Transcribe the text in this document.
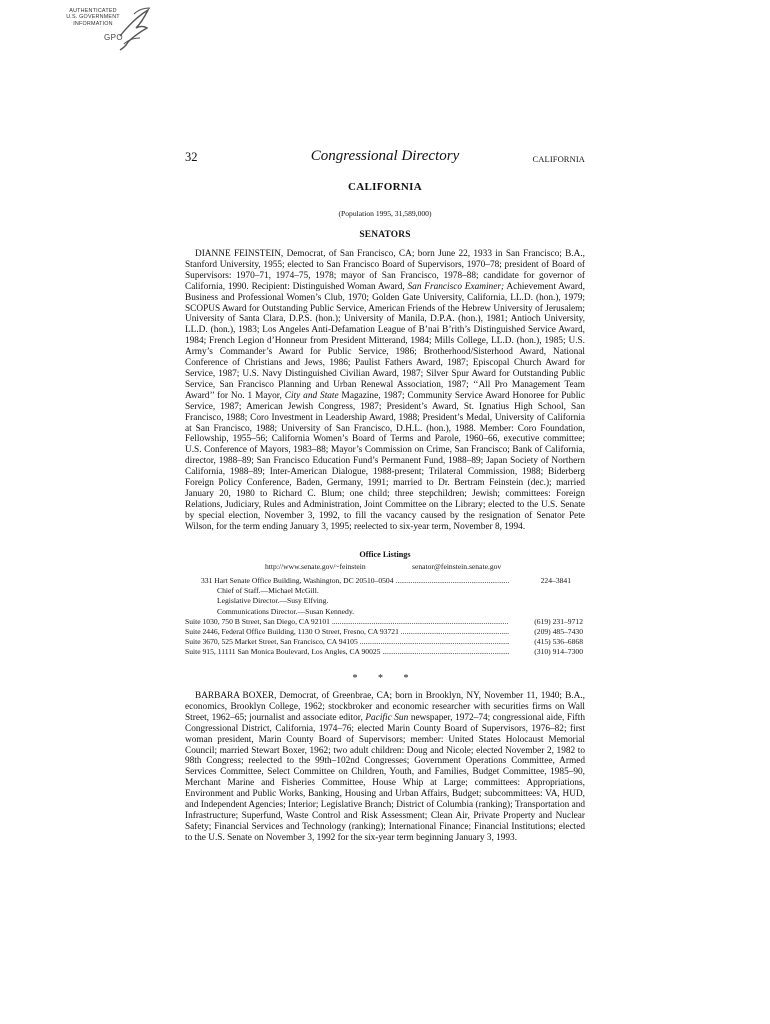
AUTHENTICATED
U.S. GOVERNMENT
INFORMATION
GPO
32	Congressional Directory	CALIFORNIA
CALIFORNIA
(Population 1995, 31,589,000)
SENATORS

DIANNE FEINSTEIN, Democrat, of San Francisco, CA; born June 22, 1933 in San Francisco; B.A., Stanford University, 1955; elected to San Francisco Board of Supervisors, 1970–78; president of Board of Supervisors: 1970–71, 1974–75, 1978; mayor of San Francisco, 1978–88; candidate for governor of California, 1990. Recipient: Distinguished Woman Award, San Francisco Examiner; Achievement Award, Business and Professional Women’s Club, 1970; Golden Gate University, California, LL.D. (hon.), 1979; SCOPUS Award for Outstanding Public Service, American Friends of the Hebrew University of Jerusalem; University of Santa Clara, D.P.S. (hon.); University of Manila, D.P.A. (hon.), 1981; Antioch University, LL.D. (hon.), 1983; Los Angeles Anti-Defamation League of B’nai B’rith’s Distinguished Service Award, 1984; French Legion d’Honneur from President Mitterand, 1984; Mills College, LL.D. (hon.), 1985; U.S. Army’s Commander’s Award for Public Service, 1986; Brotherhood/Sisterhood Award, National Conference of Christians and Jews, 1986; Paulist Fathers Award, 1987; Episcopal Church Award for Service, 1987; U.S. Navy Distinguished Civilian Award, 1987; Silver Spur Award for Outstanding Public Service, San Francisco Planning and Urban Renewal Association, 1987; ‘‘All Pro Management Team Award’’ for No. 1 Mayor, City and State Magazine, 1987; Community Service Award Honoree for Public Service, 1987; American Jewish Congress, 1987; President’s Award, St. Ignatius High School, San Francisco, 1988; Coro Investment in Leadership Award, 1988; President’s Medal, University of California at San Francisco, 1988; University of San Francisco, D.H.L. (hon.), 1988. Member: Coro Foundation, Fellowship, 1955–56; California Women’s Board of Terms and Parole, 1960–66, executive committee; U.S. Conference of Mayors, 1983–88; Mayor’s Commission on Crime, San Francisco; Bank of California, director, 1988–89; San Francisco Education Fund’s Permanent Fund, 1988–89; Japan Society of Northern California, 1988–89; Inter-American Dialogue, 1988-present; Trilateral Commission, 1988; Biderberg Foreign Policy Conference, Baden, Germany, 1991; married to Dr. Bertram Feinstein (dec.); married January 20, 1980 to Richard C. Blum; one child; three stepchildren; Jewish; committees: Foreign Relations, Judiciary, Rules and Administration, Joint Committee on the Library; elected to the U.S. Senate by special election, November 3, 1992, to fill the vacancy caused by the resignation of Senator Pete Wilson, for the term ending January 3, 1995; reelected to six-year term, November 8, 1994.

Office Listings
http://www.senate.gov/~feinstein	senator@feinstein.senate.gov
331 Hart Senate Office Building, Washington, DC 20510–0504 .....	224–3841
Chief of Staff.—Michael McGill.
Legislative Director.—Susy Elfving.
Communications Director.—Susan Kennedy.
Suite 1030, 750 B Street, San Diego, CA 92101 .....	(619) 231–9712
Suite 2446, Federal Office Building, 1130 O Street, Fresno, CA 93721 .....	(209) 485–7430
Suite 3670, 525 Market Street, San Francisco, CA 94105 .....	(415) 536–6868
Suite 915, 11111 San Monica Boulevard, Los Angles, CA 90025 .....	(310) 914–7300
* * *

BARBARA BOXER, Democrat, of Greenbrae, CA; born in Brooklyn, NY, November 11, 1940; B.A., economics, Brooklyn College, 1962; stockbroker and economic researcher with securities firms on Wall Street, 1962–65; journalist and associate editor, Pacific Sun newspaper, 1972–74; congressional aide, Fifth Congressional District, California, 1974–76; elected Marin County Board of Supervisors, 1976–82; first woman president, Marin County Board of Supervisors; member: United States Holocaust Memorial Council; married Stewart Boxer, 1962; two adult children: Doug and Nicole; elected November 2, 1982 to 98th Congress; reelected to the 99th–102nd Congresses; Government Operations Committee, Armed Services Committee, Select Committee on Children, Youth, and Families, Budget Committee, 1985–90, Merchant Marine and Fisheries Committee, House Whip at Large; committees: Appropriations, Environment and Public Works, Banking, Housing and Urban Affairs, Budget; subcommittees: VA, HUD, and Independent Agencies; Interior; Legislative Branch; District of Columbia (ranking); Transportation and Infrastructure; Superfund, Waste Control and Risk Assessment; Clean Air, Private Property and Nuclear Safety; Financial Services and Technology (ranking); International Finance; Financial Institutions; elected to the U.S. Senate on November 3, 1992 for the six-year term beginning January 3, 1993.
